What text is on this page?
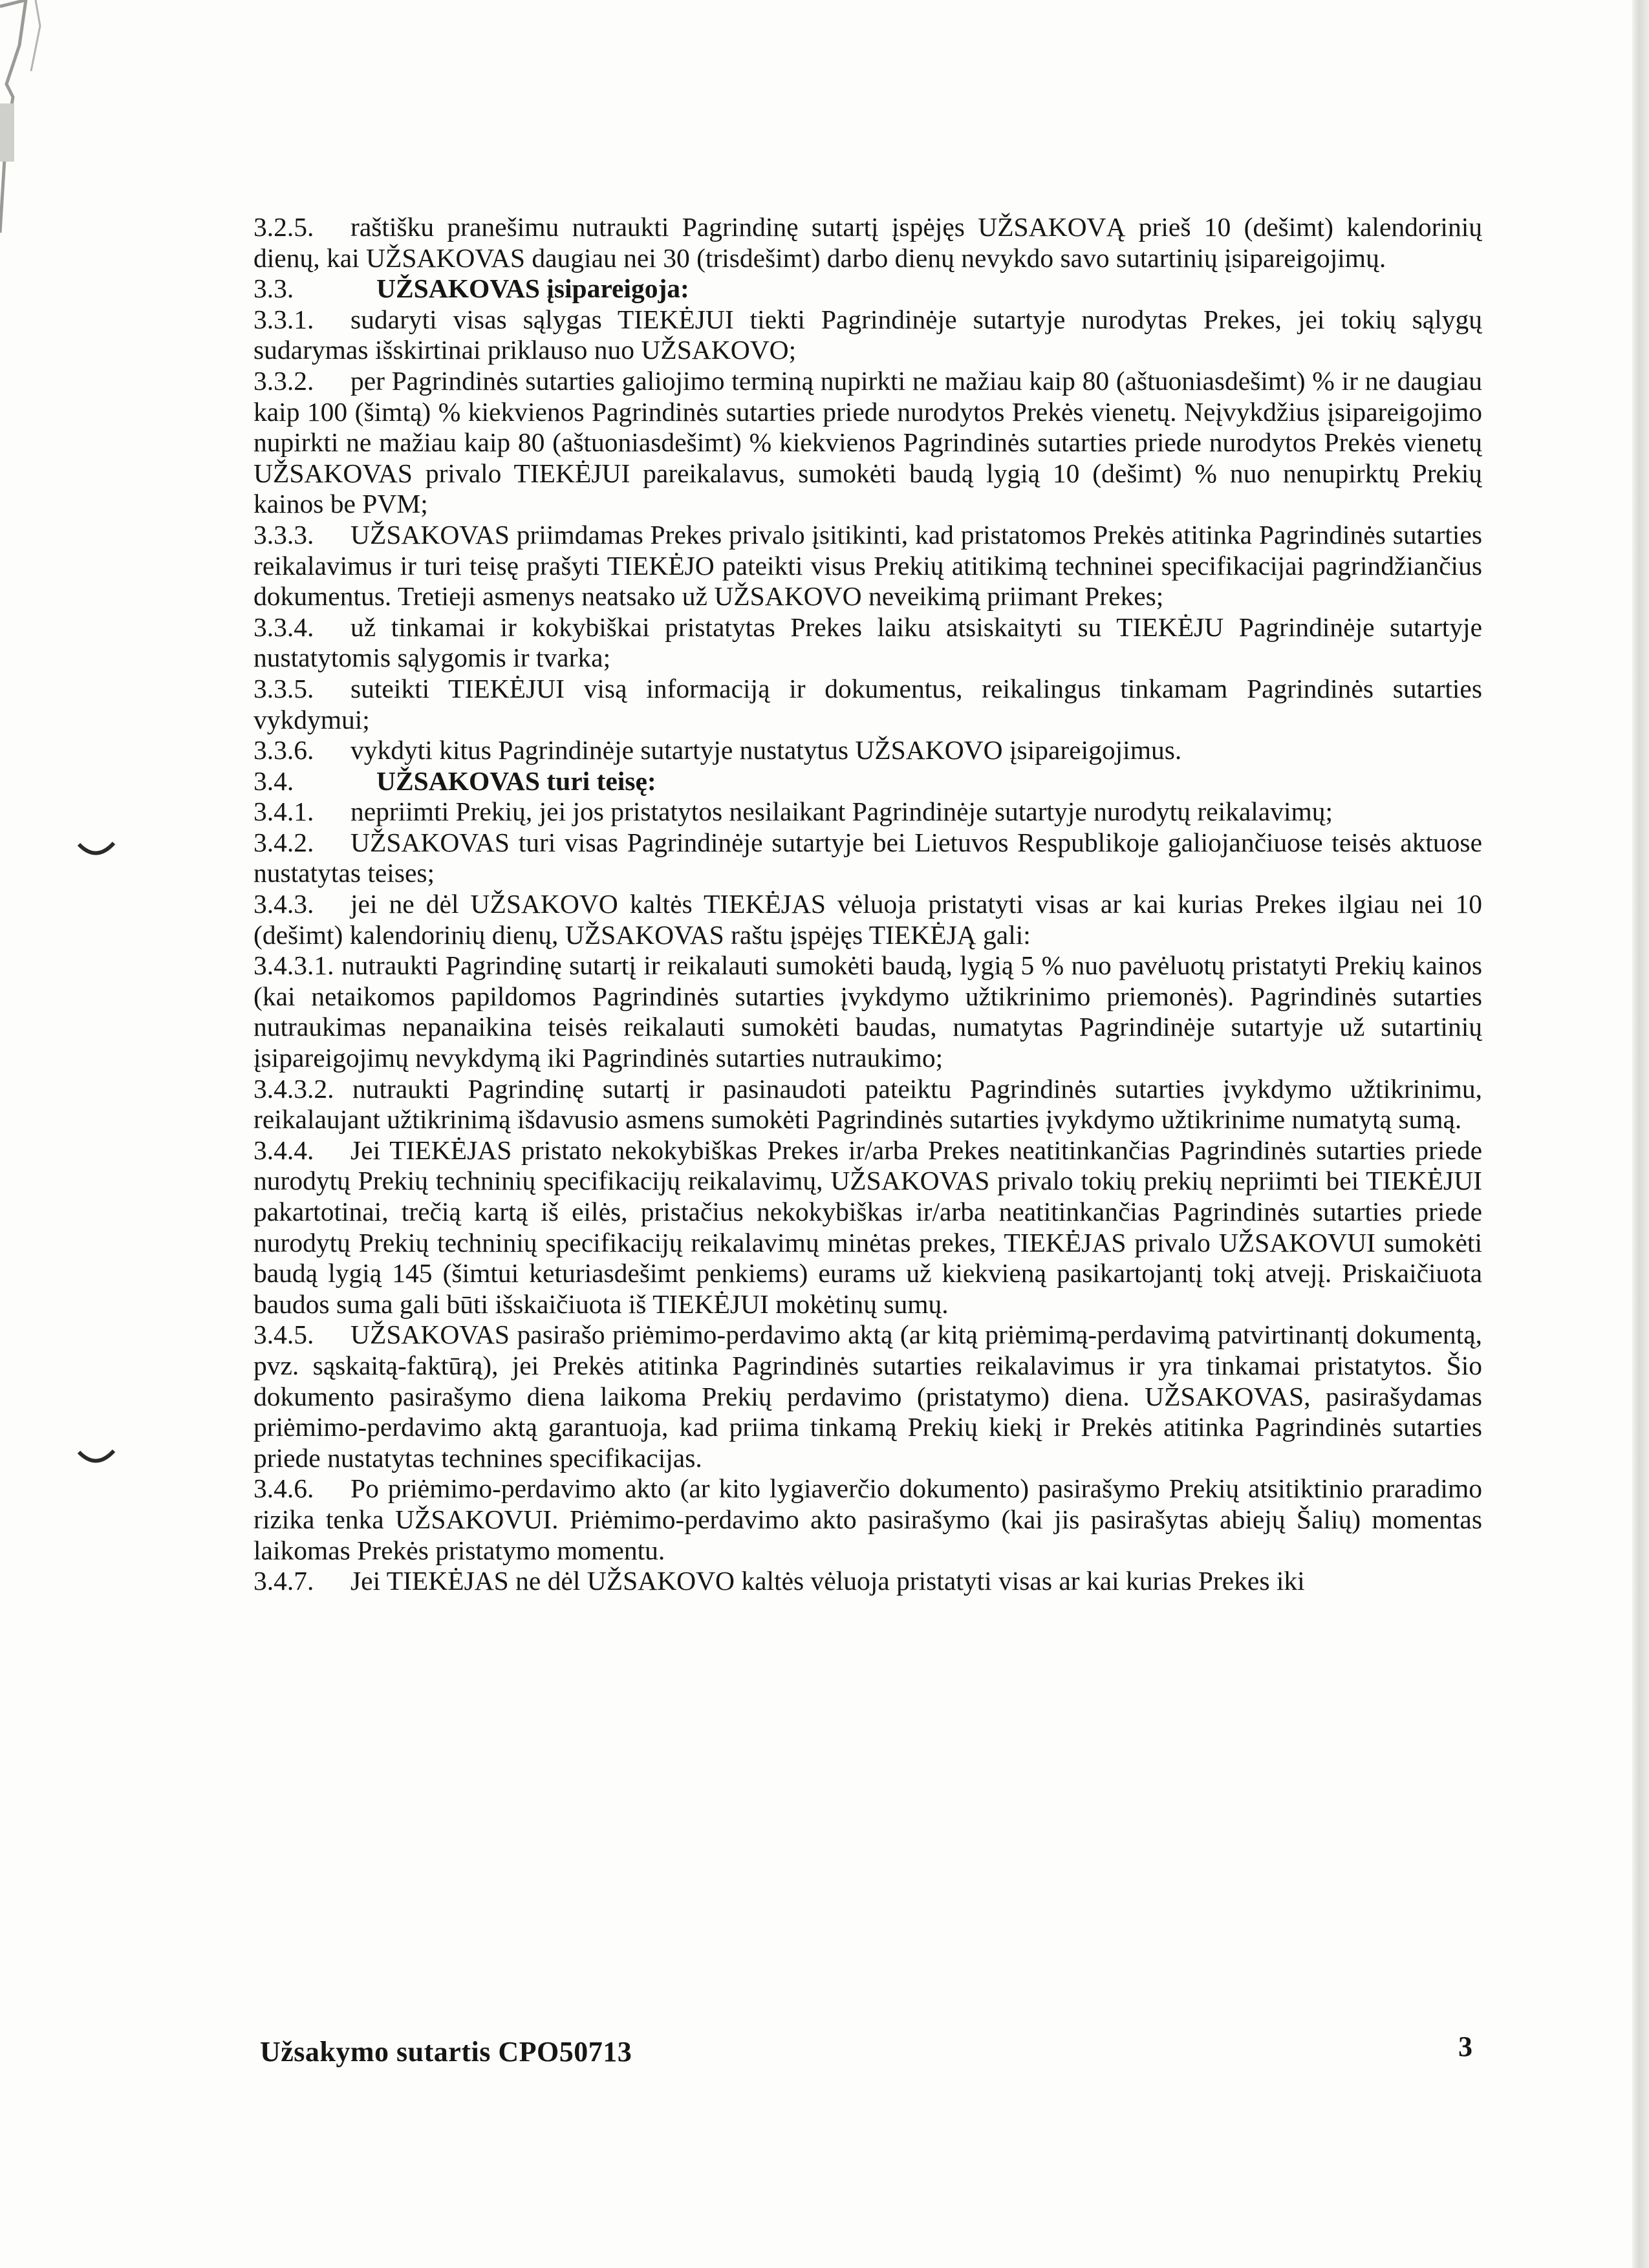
3.2.5. raštišku pranešimu nutraukti Pagrindinę sutartį įspėjęs UŽSAKOVĄ prieš 10 (dešimt) kalendorinių dienų, kai UŽSAKOVAS daugiau nei 30 (trisdešimt) darbo dienų nevykdo savo sutartinių įsipareigojimų.

3.3.	UŽSAKOVAS įsipareigoja:

3.3.1. sudaryti visas sąlygas TIEKĖJUI tiekti Pagrindinėje sutartyje nurodytas Prekes, jei tokių sąlygų sudarymas išskirtinai priklauso nuo UŽSAKOVO;

3.3.2. per Pagrindinės sutarties galiojimo terminą nupirkti ne mažiau kaip 80 (aštuoniasdešimt) % ir ne daugiau kaip 100 (šimtą) % kiekvienos Pagrindinės sutarties priede nurodytos Prekės vienetų. Neįvykdžius įsipareigojimo nupirkti ne mažiau kaip 80 (aštuoniasdešimt) % kiekvienos Pagrindinės sutarties priede nurodytos Prekės vienetų UŽSAKOVAS privalo TIEKĖJUI pareikalavus, sumokėti baudą lygią 10 (dešimt) % nuo nenupirktų Prekių kainos be PVM;

3.3.3. UŽSAKOVAS priimdamas Prekes privalo įsitikinti, kad pristatomos Prekės atitinka Pagrindinės sutarties reikalavimus ir turi teisę prašyti TIEKĖJO pateikti visus Prekių atitikimą techninei specifikacijai pagrindžiančius dokumentus. Tretieji asmenys neatsako už UŽSAKOVO neveikimą priimant Prekes;

3.3.4. už tinkamai ir kokybiškai pristatytas Prekes laiku atsiskaityti su TIEKĖJU Pagrindinėje sutartyje nustatytomis sąlygomis ir tvarka;

3.3.5. suteikti TIEKĖJUI visą informaciją ir dokumentus, reikalingus tinkamam Pagrindinės sutarties vykdymui;

3.3.6. vykdyti kitus Pagrindinėje sutartyje nustatytus UŽSAKOVO įsipareigojimus.

3.4.	UŽSAKOVAS turi teisę:

3.4.1. nepriimti Prekių, jei jos pristatytos nesilaikant Pagrindinėje sutartyje nurodytų reikalavimų;

3.4.2. UŽSAKOVAS turi visas Pagrindinėje sutartyje bei Lietuvos Respublikoje galiojančiuose teisės aktuose nustatytas teises;

3.4.3. jei ne dėl UŽSAKOVO kaltės TIEKĖJAS vėluoja pristatyti visas ar kai kurias Prekes ilgiau nei 10 (dešimt) kalendorinių dienų, UŽSAKOVAS raštu įspėjęs TIEKĖJĄ gali:

3.4.3.1. nutraukti Pagrindinę sutartį ir reikalauti sumokėti baudą, lygią 5 % nuo pavėluotų pristatyti Prekių kainos (kai netaikomos papildomos Pagrindinės sutarties įvykdymo užtikrinimo priemonės). Pagrindinės sutarties nutraukimas nepanaikina teisės reikalauti sumokėti baudas, numatytas Pagrindinėje sutartyje už sutartinių įsipareigojimų nevykdymą iki Pagrindinės sutarties nutraukimo;

3.4.3.2. nutraukti Pagrindinę sutartį ir pasinaudoti pateiktu Pagrindinės sutarties įvykdymo užtikrinimu, reikalaujant užtikrinimą išdavusio asmens sumokėti Pagrindinės sutarties įvykdymo užtikrinime numatytą sumą.

3.4.4. Jei TIEKĖJAS pristato nekokybiškas Prekes ir/arba Prekes neatitinkančias Pagrindinės sutarties priede nurodytų Prekių techninių specifikacijų reikalavimų, UŽSAKOVAS privalo tokių prekių nepriimti bei TIEKĖJUI pakartotinai, trečią kartą iš eilės, pristačius nekokybiškas ir/arba neatitinkančias Pagrindinės sutarties priede nurodytų Prekių techninių specifikacijų reikalavimų minėtas prekes, TIEKĖJAS privalo UŽSAKOVUI sumokėti baudą lygią 145 (šimtui keturiasdešimt penkiems) eurams už kiekvieną pasikartojantį tokį atvejį. Priskaičiuota baudos suma gali būti išskaičiuota iš TIEKĖJUI mokėtinų sumų.

3.4.5. UŽSAKOVAS pasirašo priėmimo-perdavimo aktą (ar kitą priėmimą-perdavimą patvirtinantį dokumentą, pvz. sąskaitą-faktūrą), jei Prekės atitinka Pagrindinės sutarties reikalavimus ir yra tinkamai pristatytos. Šio dokumento pasirašymo diena laikoma Prekių perdavimo (pristatymo) diena. UŽSAKOVAS, pasirašydamas priėmimo-perdavimo aktą garantuoja, kad priima tinkamą Prekių kiekį ir Prekės atitinka Pagrindinės sutarties priede nustatytas technines specifikacijas.

3.4.6. Po priėmimo-perdavimo akto (ar kito lygiaverčio dokumento) pasirašymo Prekių atsitiktinio praradimo rizika tenka UŽSAKOVUI. Priėmimo-perdavimo akto pasirašymo (kai jis pasirašytas abiejų Šalių) momentas laikomas Prekės pristatymo momentu.

3.4.7. Jei TIEKĖJAS ne dėl UŽSAKOVO kaltės vėluoja pristatyti visas ar kai kurias Prekes iki

Užsakymo sutartis CPO50713	3
